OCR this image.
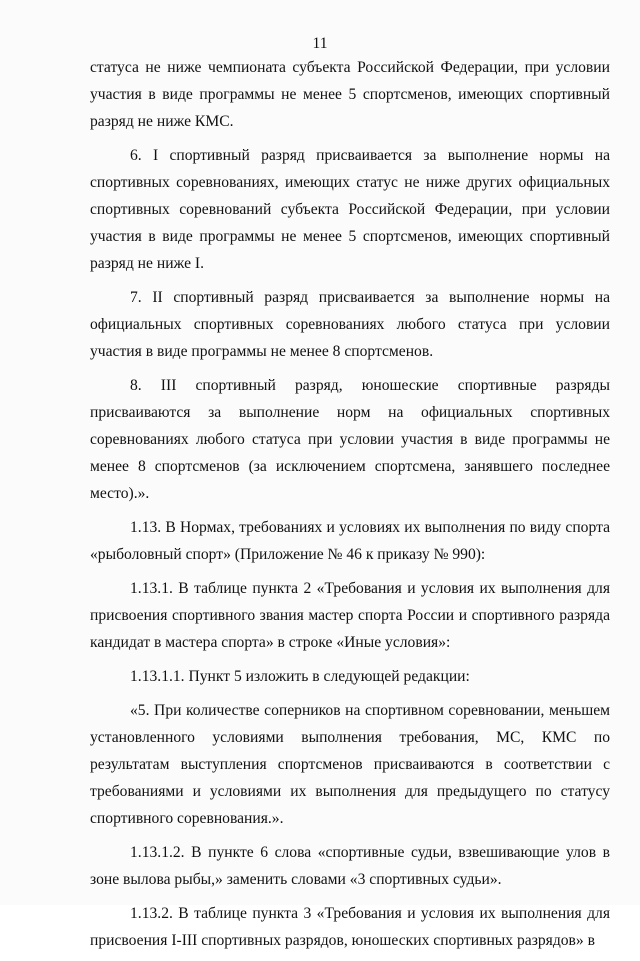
11

статуса не ниже чемпионата субъекта Российской Федерации, при условии участия в виде программы не менее 5 спортсменов, имеющих спортивный разряд не ниже КМС.

6. I спортивный разряд присваивается за выполнение нормы на спортивных соревнованиях, имеющих статус не ниже других официальных спортивных соревнований субъекта Российской Федерации, при условии участия в виде программы не менее 5 спортсменов, имеющих спортивный разряд не ниже I.

7. II спортивный разряд присваивается за выполнение нормы на официальных спортивных соревнованиях любого статуса при условии участия в виде программы не менее 8 спортсменов.

8. III спортивный разряд, юношеские спортивные разряды присваиваются за выполнение норм на официальных спортивных соревнованиях любого статуса при условии участия в виде программы не менее 8 спортсменов (за исключением спортсмена, занявшего последнее место).».

1.13. В Нормах, требованиях и условиях их выполнения по виду спорта «рыболовный спорт» (Приложение № 46 к приказу № 990):

1.13.1. В таблице пункта 2 «Требования и условия их выполнения для присвоения спортивного звания мастер спорта России и спортивного разряда кандидат в мастера спорта» в строке «Иные условия»:

1.13.1.1. Пункт 5 изложить в следующей редакции:

«5. При количестве соперников на спортивном соревновании, меньшем установленного условиями выполнения требования, МС, КМС по результатам выступления спортсменов присваиваются в соответствии с требованиями и условиями их выполнения для предыдущего по статусу спортивного соревнования.».

1.13.1.2. В пункте 6 слова «спортивные судьи, взвешивающие улов в зоне вылова рыбы,» заменить словами «3 спортивных судьи».

1.13.2. В таблице пункта 3 «Требования и условия их выполнения для присвоения I-III спортивных разрядов, юношеских спортивных разрядов» в
